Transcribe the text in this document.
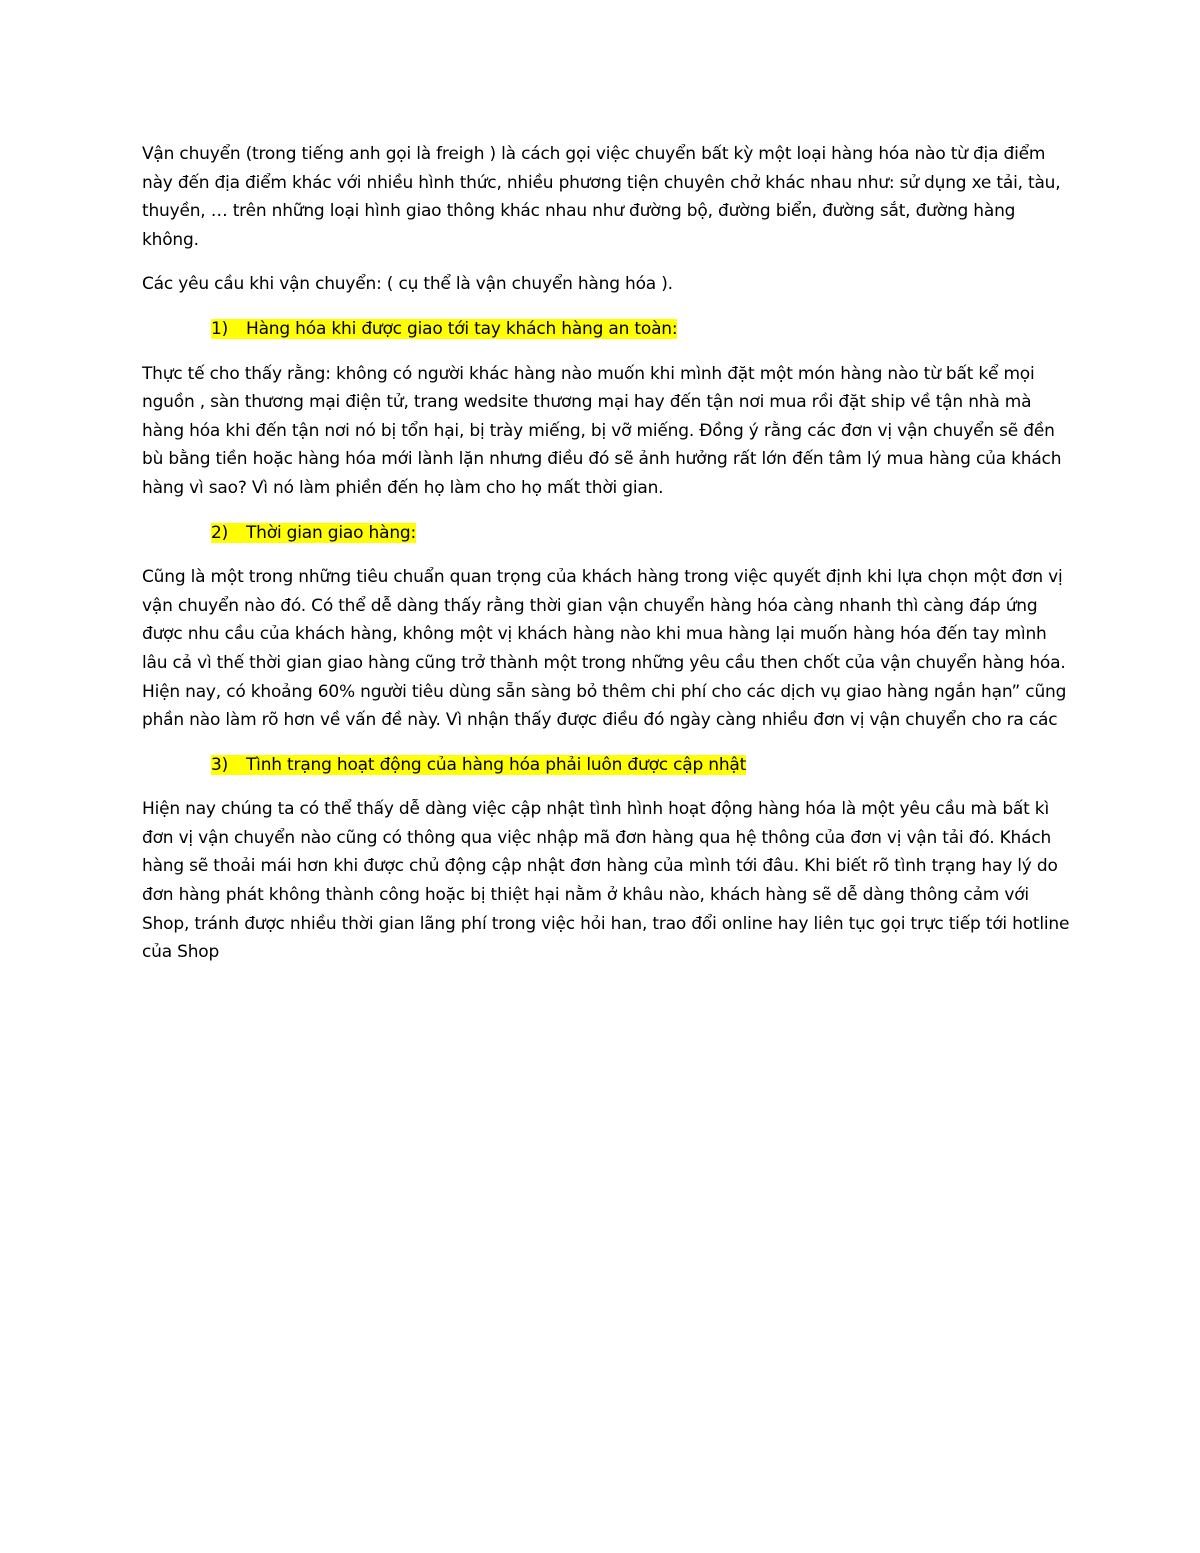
Vận chuyển (trong tiếng anh gọi là freigh ) là cách gọi việc chuyển bất kỳ một loại hàng hóa nào từ địa điểm này đến địa điểm khác với nhiều hình thức, nhiều phương tiện chuyên chở khác nhau như: sử dụng xe tải, tàu, thuyền, … trên những loại hình giao thông khác nhau như đường bộ, đường biển, đường sắt, đường hàng không.

Các yêu cầu khi vận chuyển: ( cụ thể là vận chuyển hàng hóa ).

1) Hàng hóa khi được giao tới tay khách hàng an toàn:

Thực tế cho thấy rằng: không có người khác hàng nào muốn khi mình đặt một món hàng nào từ bất kể mọi nguồn , sàn thương mại điện tử, trang wedsite thương mại hay đến tận nơi mua rồi đặt ship về tận nhà mà hàng hóa khi đến tận nơi nó bị tổn hại, bị trày miếng, bị vỡ miếng. Đồng ý rằng các đơn vị vận chuyển sẽ đền bù bằng tiền hoặc hàng hóa mới lành lặn nhưng điều đó sẽ ảnh hưởng rất lớn đến tâm lý mua hàng của khách hàng vì sao? Vì nó làm phiền đến họ làm cho họ mất thời gian.

2) Thời gian giao hàng:

Cũng là một trong những tiêu chuẩn quan trọng của khách hàng trong việc quyết định khi lựa chọn một đơn vị vận chuyển nào đó. Có thể dễ dàng thấy rằng thời gian vận chuyển hàng hóa càng nhanh thì càng đáp ứng được nhu cầu của khách hàng, không một vị khách hàng nào khi mua hàng lại muốn hàng hóa đến tay mình lâu cả vì thế thời gian giao hàng cũng trở thành một trong những yêu cầu then chốt của vận chuyển hàng hóa. Hiện nay, có khoảng 60% người tiêu dùng sẵn sàng bỏ thêm chi phí cho các dịch vụ giao hàng ngắn hạn” cũng phần nào làm rõ hơn về vấn đề này. Vì nhận thấy được điều đó ngày càng nhiều đơn vị vận chuyển cho ra các

3) Tình trạng hoạt động của hàng hóa phải luôn được cập nhật

Hiện nay chúng ta có thể thấy dễ dàng việc cập nhật tình hình hoạt động hàng hóa là một yêu cầu mà bất kì đơn vị vận chuyển nào cũng có thông qua việc nhập mã đơn hàng qua hệ thông của đơn vị vận tải đó. Khách hàng sẽ thoải mái hơn khi được chủ động cập nhật đơn hàng của mình tới đâu. Khi biết rõ tình trạng hay lý do đơn hàng phát không thành công hoặc bị thiệt hại nằm ở khâu nào, khách hàng sẽ dễ dàng thông cảm với Shop, tránh được nhiều thời gian lãng phí trong việc hỏi han, trao đổi online hay liên tục gọi trực tiếp tới hotline của Shop
